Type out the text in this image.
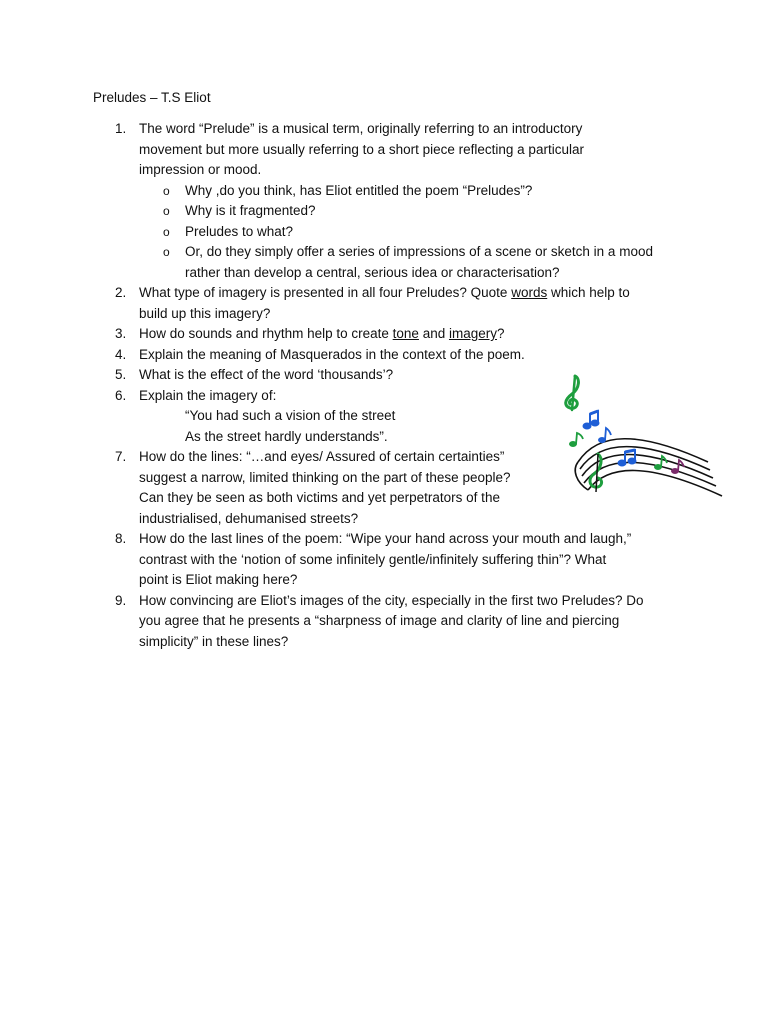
Preludes – T.S Eliot
1. The word “Prelude” is a musical term, originally referring to an introductory
movement but more usually referring to a short piece reflecting a particular
impression or mood.
o Why ,do you think, has Eliot entitled the poem “Preludes”?
o Why is it fragmented?
o Preludes to what?
o Or, do they simply offer a series of impressions of a scene or sketch in a mood
rather than develop a central, serious idea or characterisation?
2. What type of imagery is presented in all four Preludes? Quote words which help to
build up this imagery?
3. How do sounds and rhythm help to create tone and imagery?
4. Explain the meaning of Masquerados in the context of the poem.
5. What is the effect of the word ‘thousands’?
6. Explain the imagery of:
“You had such a vision of the street
As the street hardly understands”.
7. How do the lines: “…and eyes/ Assured of certain certainties”
suggest a narrow, limited thinking on the part of these people?
Can they be seen as both victims and yet perpetrators of the
industrialised, dehumanised streets?
8. How do the last lines of the poem: “Wipe your hand across your mouth and laugh,”
contrast with the ‘notion of some infinitely gentle/infinitely suffering thin”? What
point is Eliot making here?
9. How convincing are Eliot’s images of the city, especially in the first two Preludes? Do
you agree that he presents a “sharpness of image and clarity of line and piercing
simplicity” in these lines?
